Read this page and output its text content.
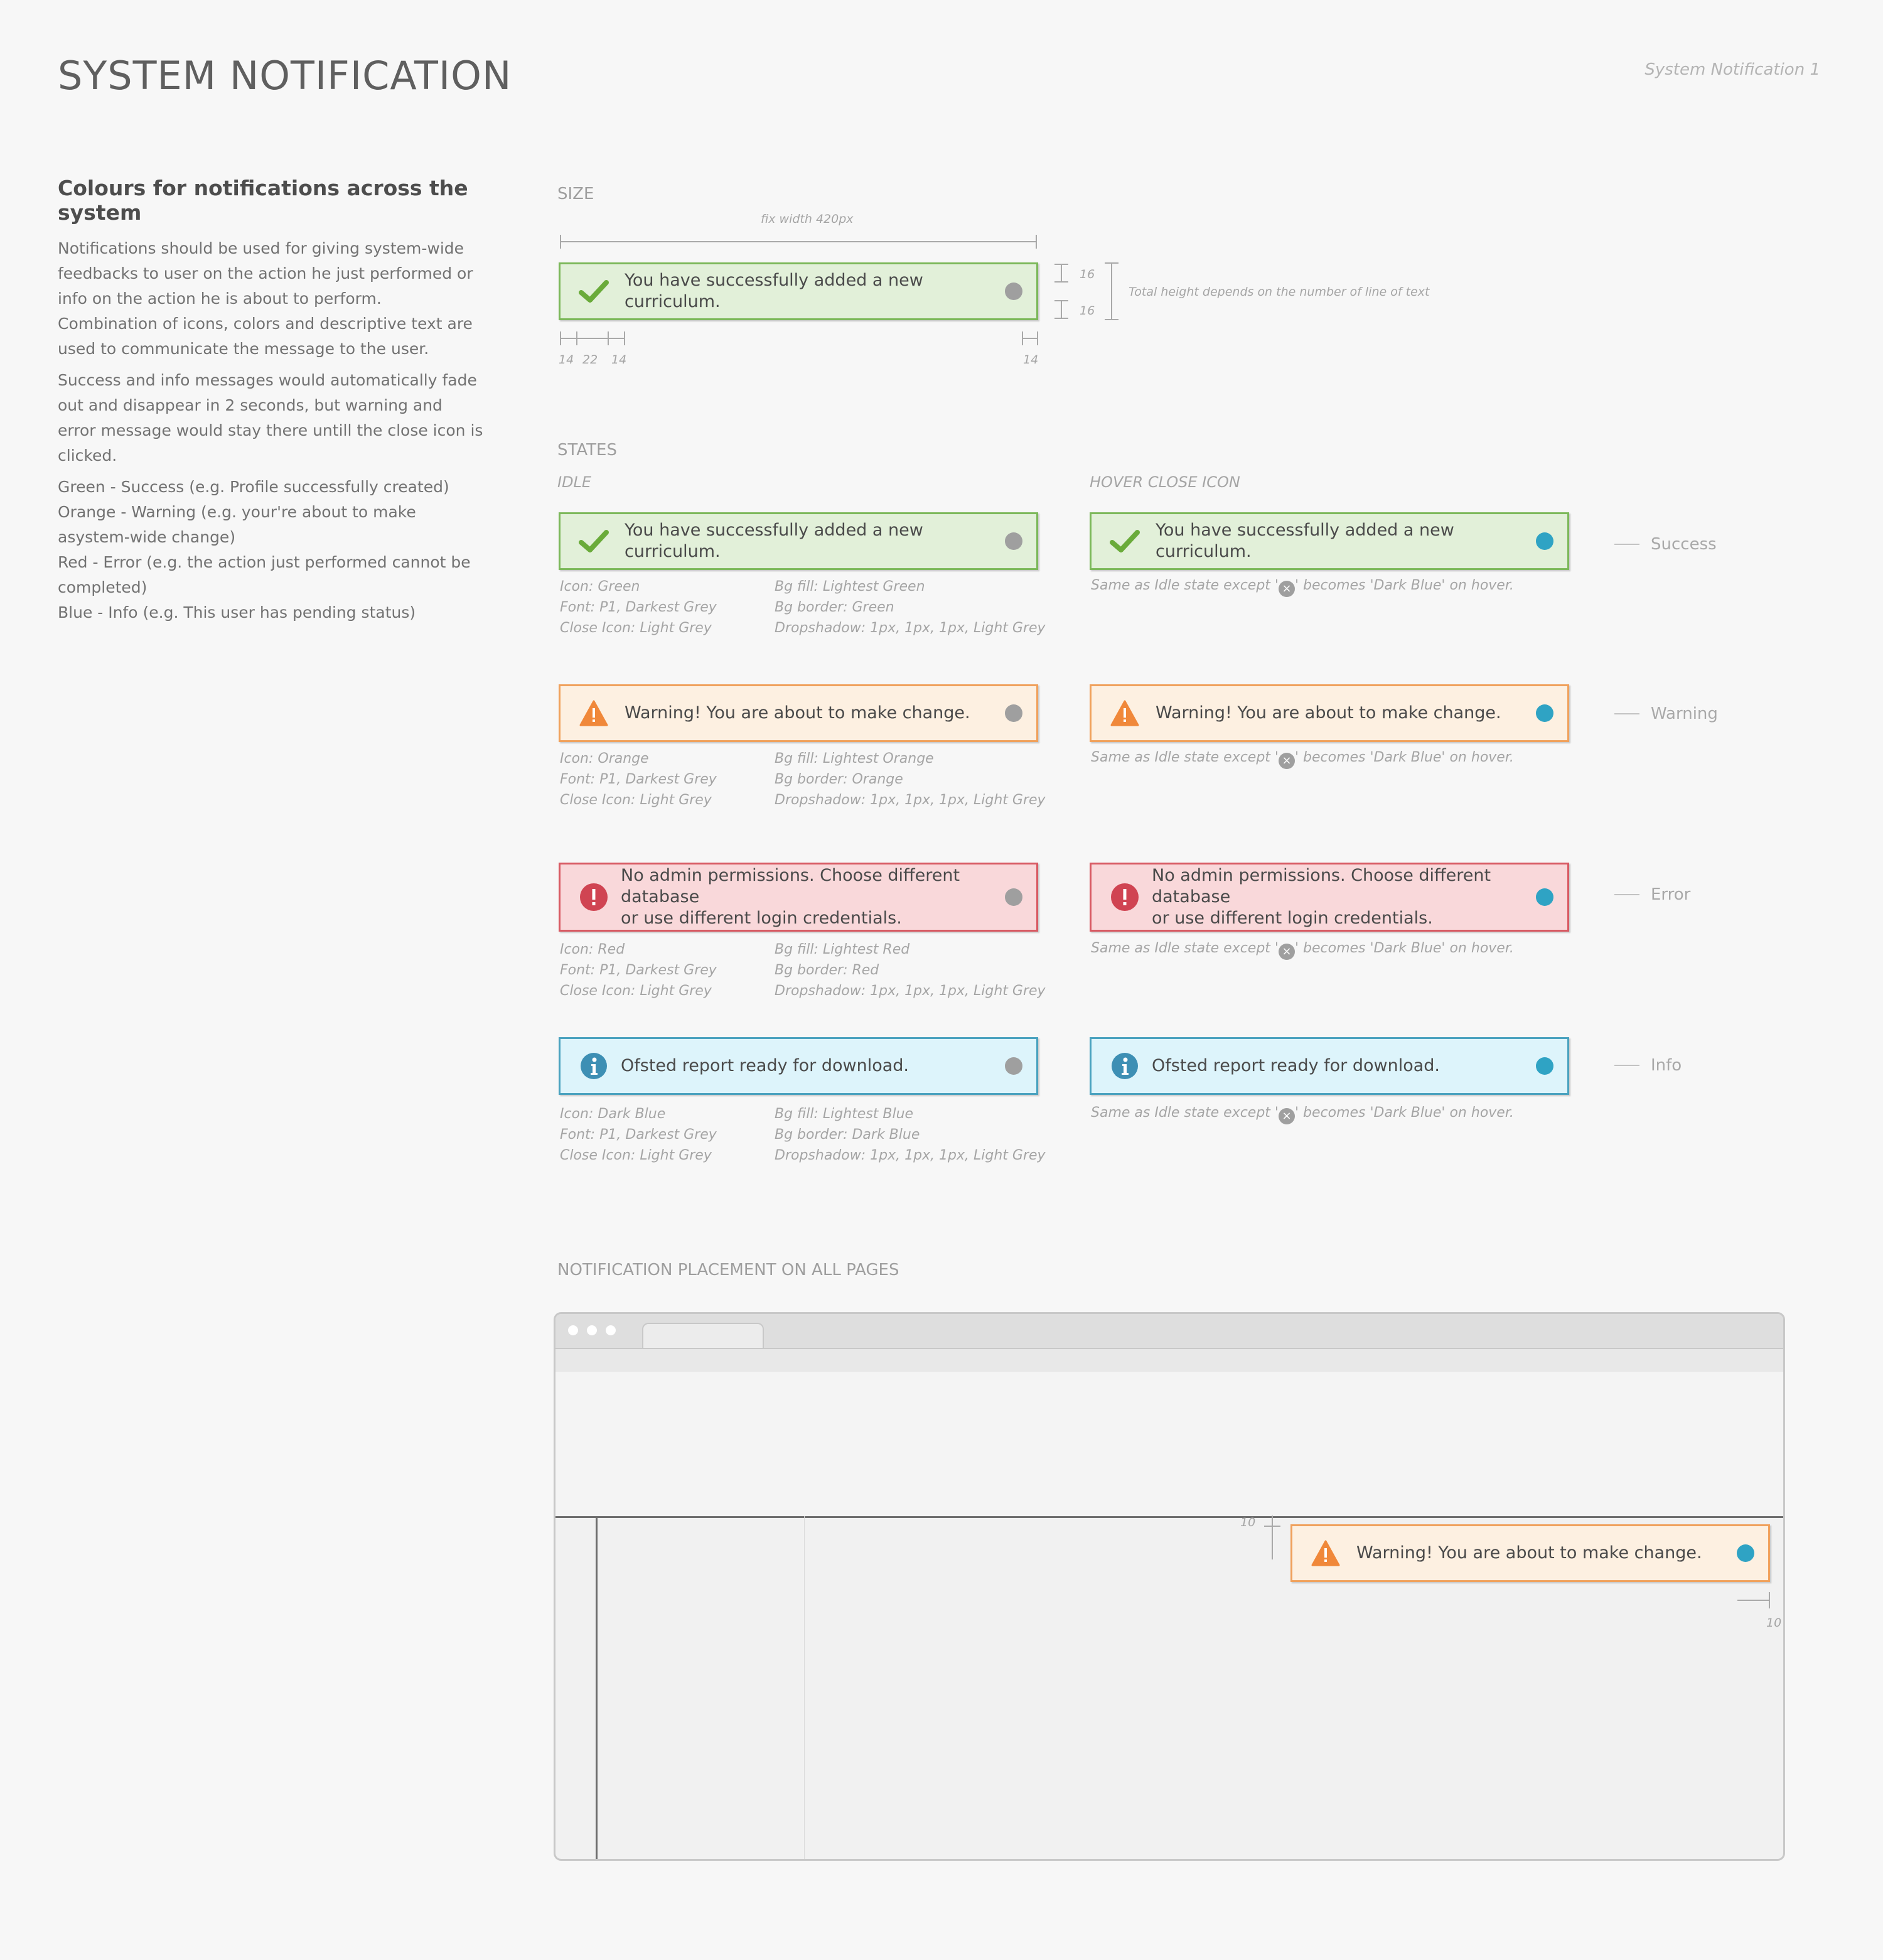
SYSTEM NOTIFICATION	System Notification 1
Colours for notifications across the system

Notifications should be used for giving system-wide feedbacks to user on the action he just performed or info on the action he is about to perform. Combination of icons, colors and descriptive text are used to communicate the message to the user.

Success and info messages would automatically fade out and disappear in 2 seconds, but warning and error message would stay there untill the close icon is clicked.

Green - Success (e.g. Profile successfully created)

Orange - Warning (e.g. your're about to make asystem-wide change)

Red - Error (e.g. the action just performed cannot be completed)

Blue - Info (e.g. This user has pending status)

SIZE
fix width 420px
You have successfully added a new curriculum.
16
16
Total height depends on the number of line of text
14 22 14	14
STATES
IDLE	HOVER CLOSE ICON
You have successfully added a new curriculum.
You have successfully added a new curriculum.	Success
Icon: Green
Font: P1, Darkest Grey
Close Icon: Light Grey
Bg fill: Lightest Green
Bg border: Green
Dropshadow: 1px, 1px, 1px, Light Grey
Same as Idle state except ' × ' becomes 'Dark Blue' on hover.
Warning! You are about to make change.	Warning! You are about to make change.	Warning
Icon: Orange
Font: P1, Darkest Grey
Close Icon: Light Grey
Bg fill: Lightest Orange
Bg border: Orange
Dropshadow: 1px, 1px, 1px, Light Grey
Same as Idle state except ' × ' becomes 'Dark Blue' on hover.
No admin permissions. Choose different database
or use different login credentials.
No admin permissions. Choose different database
or use different login credentials.
Error
Icon: Red
Font: P1, Darkest Grey
Close Icon: Light Grey
Bg fill: Lightest Red
Bg border: Red
Dropshadow: 1px, 1px, 1px, Light Grey
Same as Idle state except ' × ' becomes 'Dark Blue' on hover.
Ofsted report ready for download.	Ofsted report ready for download.	Info
Icon: Dark Blue
Font: P1, Darkest Grey
Close Icon: Light Grey
Bg fill: Lightest Blue
Bg border: Dark Blue
Dropshadow: 1px, 1px, 1px, Light Grey
Same as Idle state except ' × ' becomes 'Dark Blue' on hover.
NOTIFICATION PLACEMENT ON ALL PAGES
10
Warning! You are about to make change.
10
